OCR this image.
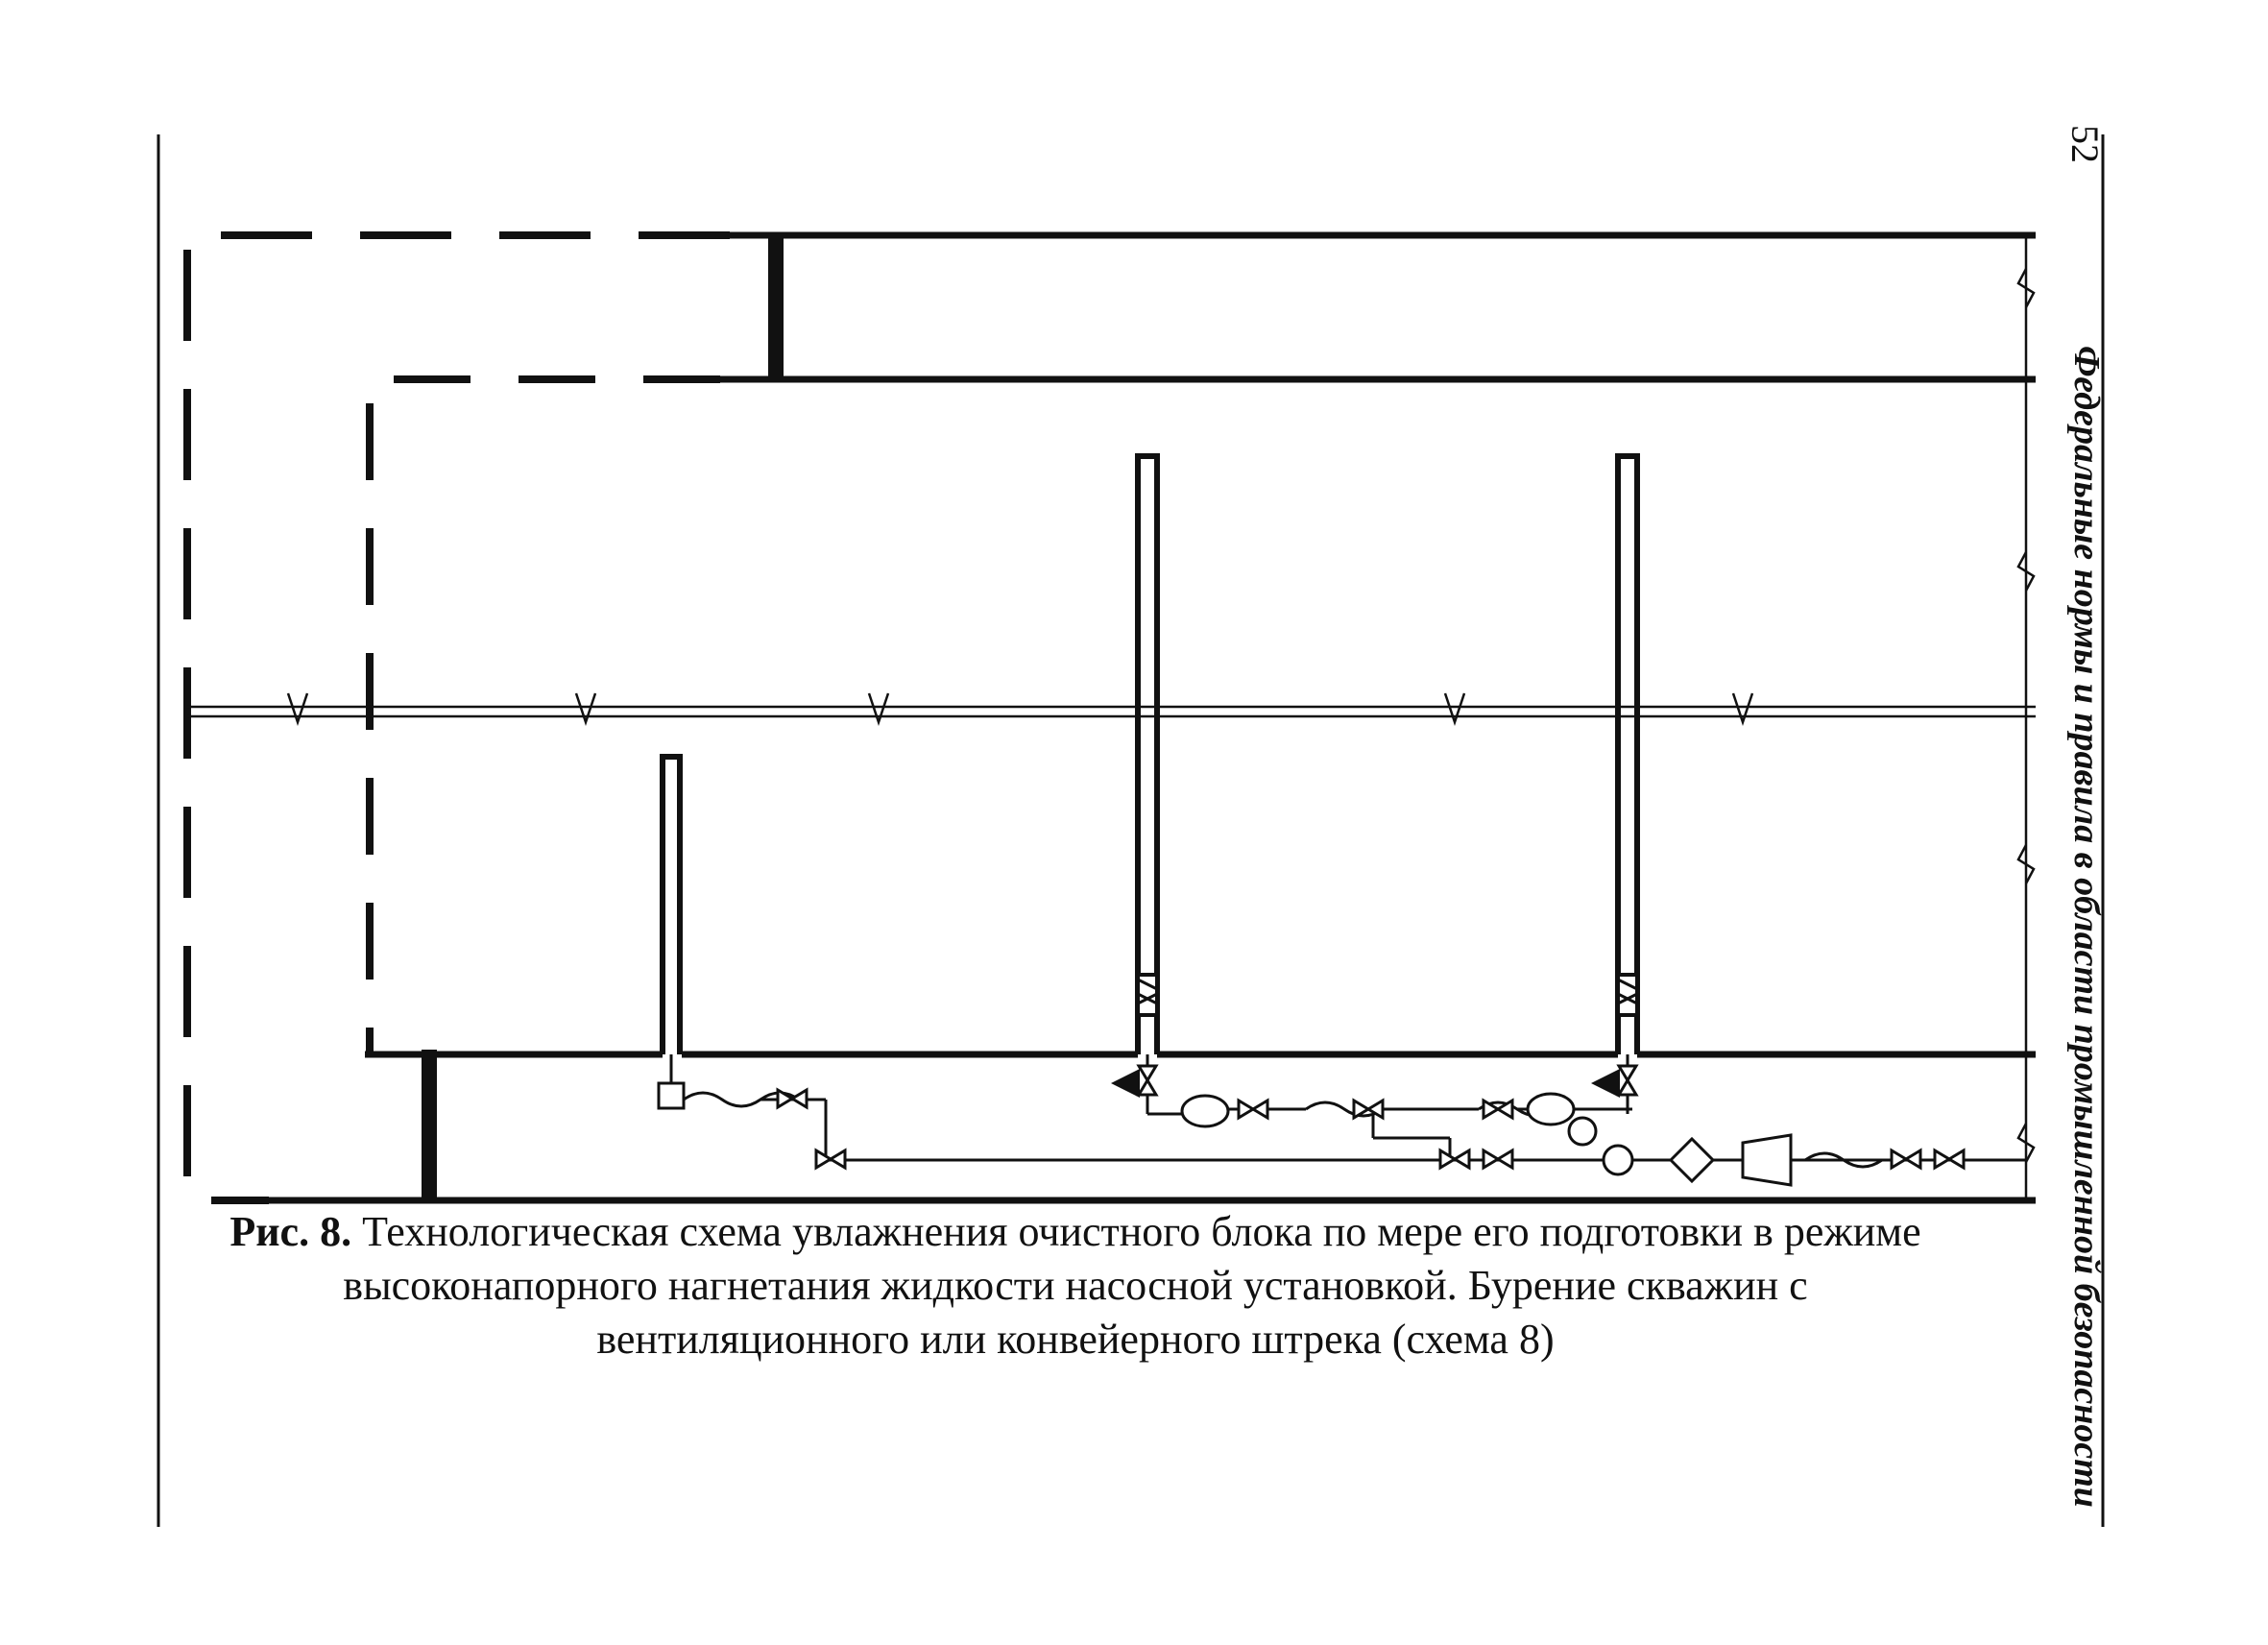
Рис. 8. Технологическая схема увлажнения очистного блока по мере его подготовки в режиме высоконапорного нагнетания жидкости насосной установкой. Бурение скважин с вентиляционного или конвейерного штрека (схема 8)
52
Федеральные нормы и правила в области промышленной безопасности
